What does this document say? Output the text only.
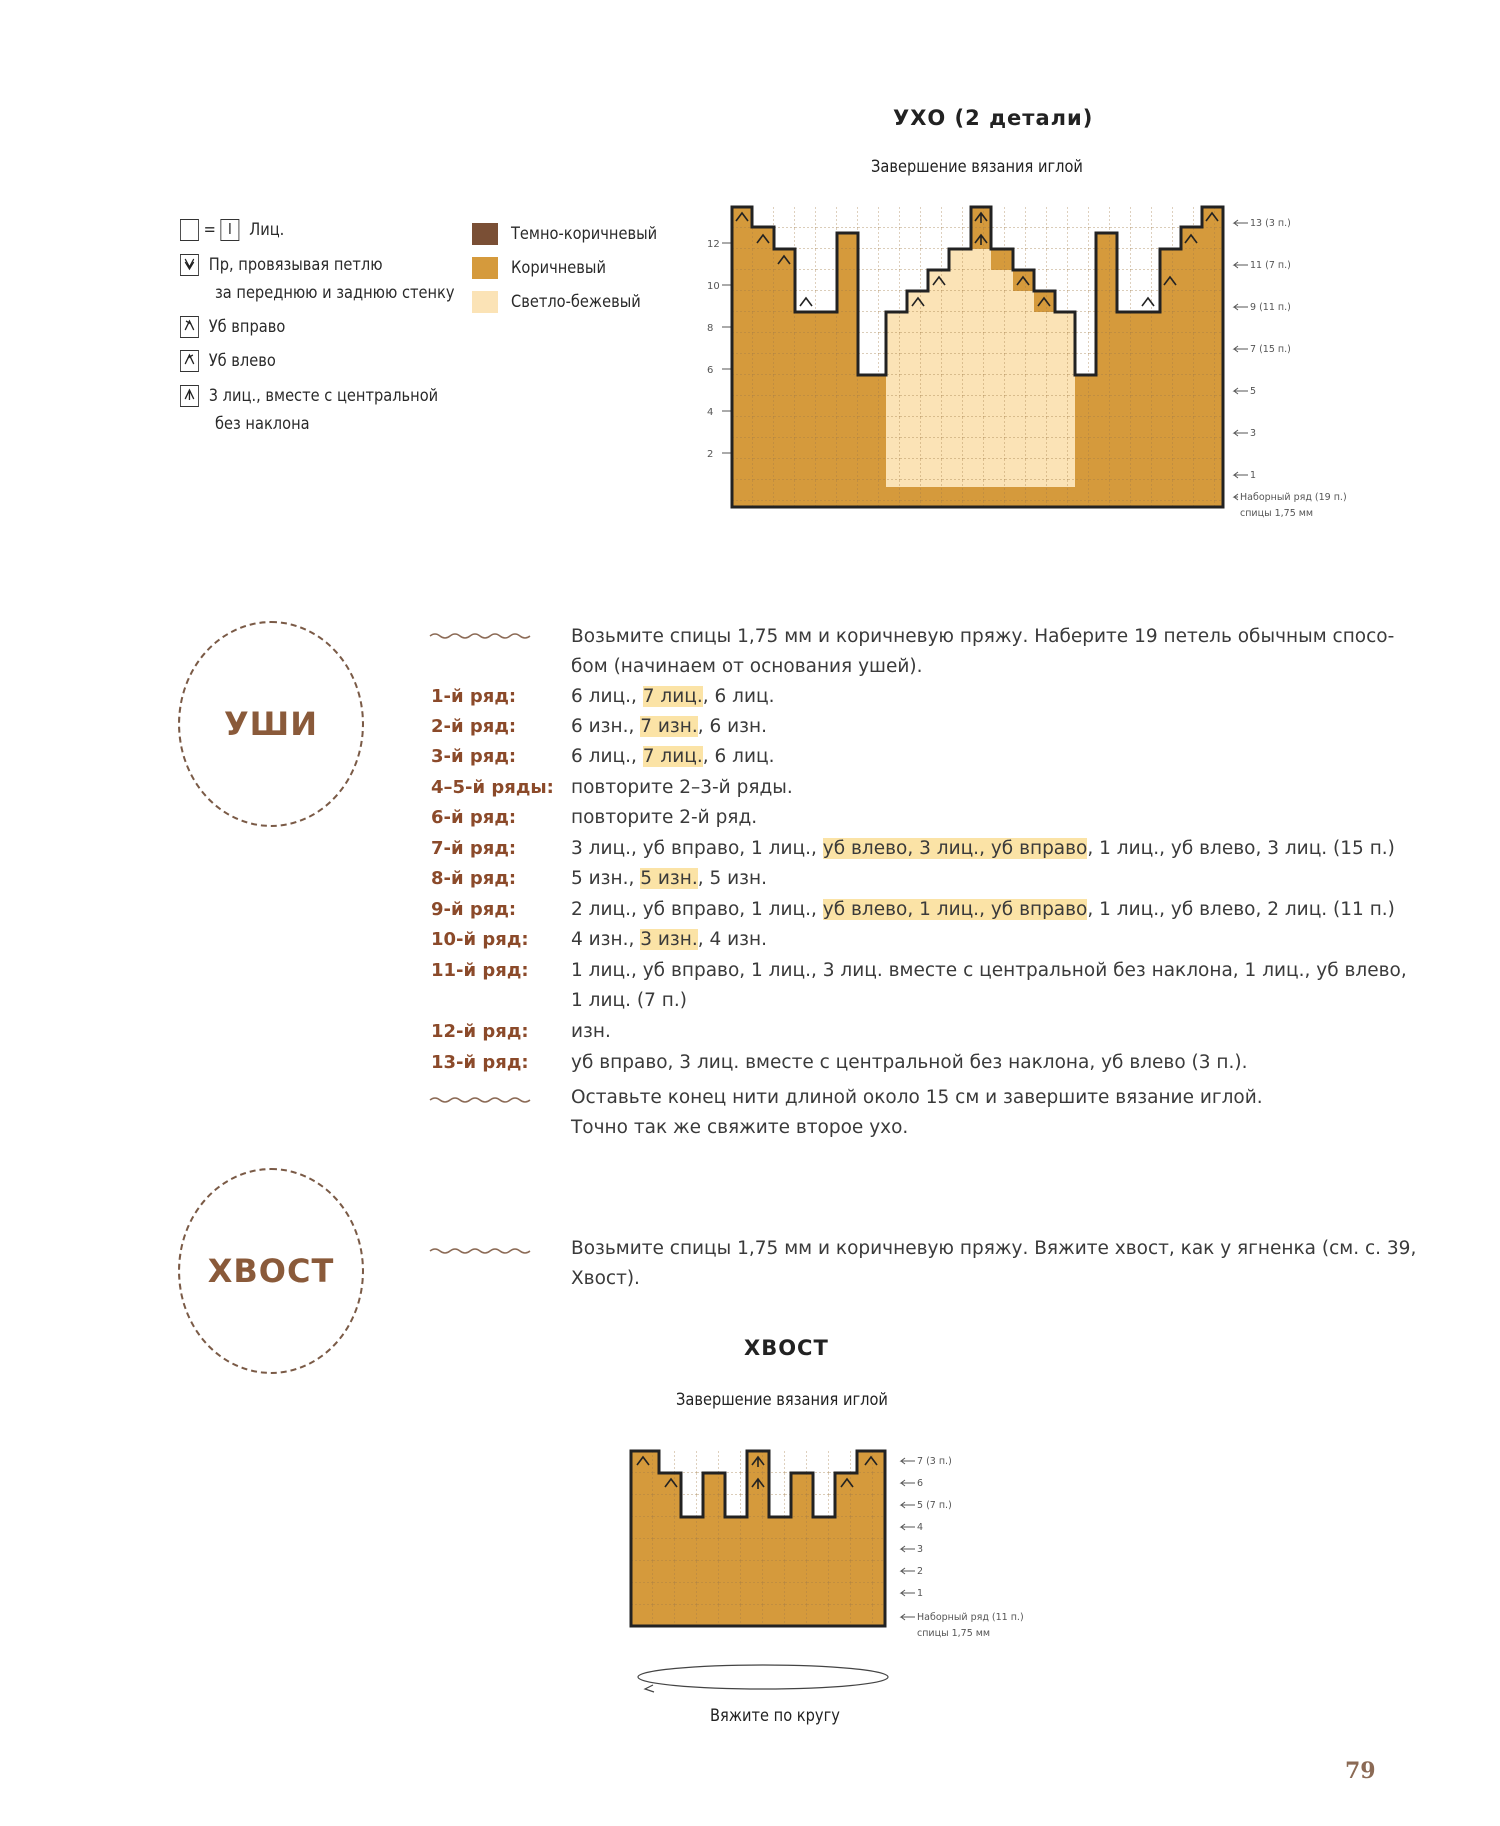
УХО (2 детали)
Завершение вязания иглой
12
10
8
6
4
2
13 (3 п.)
11 (7 п.)
9 (11 п.)
7 (15 п.)
5
3
1
Наборный ряд (19 п.)
спицы 1,75 мм
= I Лиц.
Пр, провязывая петлю
за переднюю и заднюю стенку
Уб вправо
Уб влево
3 лиц., вместе с центральной
без наклона
Темно-коричневый
Коричневый
Светло-бежевый
УШИ
Возьмите спицы 1,75 мм и коричневую пряжу. Наберите 19 петель обычным спосо-
бом (начинаем от основания ушей).
1-й ряд:	6 лиц., 7 лиц., 6 лиц.
2-й ряд:	6 изн., 7 изн., 6 изн.
3-й ряд:	6 лиц., 7 лиц., 6 лиц.
4–5-й ряды: повторите 2–3-й ряды.
6-й ряд:	повторите 2-й ряд.
7-й ряд:	3 лиц., уб вправо, 1 лиц., уб влево, 3 лиц., уб вправо, 1 лиц., уб влево, 3 лиц. (15 п.)
8-й ряд:	5 изн., 5 изн., 5 изн.
9-й ряд:	2 лиц., уб вправо, 1 лиц., уб влево, 1 лиц., уб вправо, 1 лиц., уб влево, 2 лиц. (11 п.)
10-й ряд: 4 изн., 3 изн., 4 изн.
11-й ряд: 1 лиц., уб вправо, 1 лиц., 3 лиц. вместе с центральной без наклона, 1 лиц., уб влево,
1 лиц. (7 п.)
12-й ряд: изн.
13-й ряд: уб вправо, 3 лиц. вместе с центральной без наклона, уб влево (3 п.).
Оставьте конец нити длиной около 15 см и завершите вязание иглой.
Точно так же свяжите второе ухо.
ХВОСТ
Возьмите спицы 1,75 мм и коричневую пряжу. Вяжите хвост, как у ягненка (см. с. 39,
Хвост).
ХВОСТ
Завершение вязания иглой
7 (3 п.)
6
5 (7 п.)
4
3
2
1
Наборный ряд (11 п.)
спицы 1,75 мм
Вяжите по кругу
79
